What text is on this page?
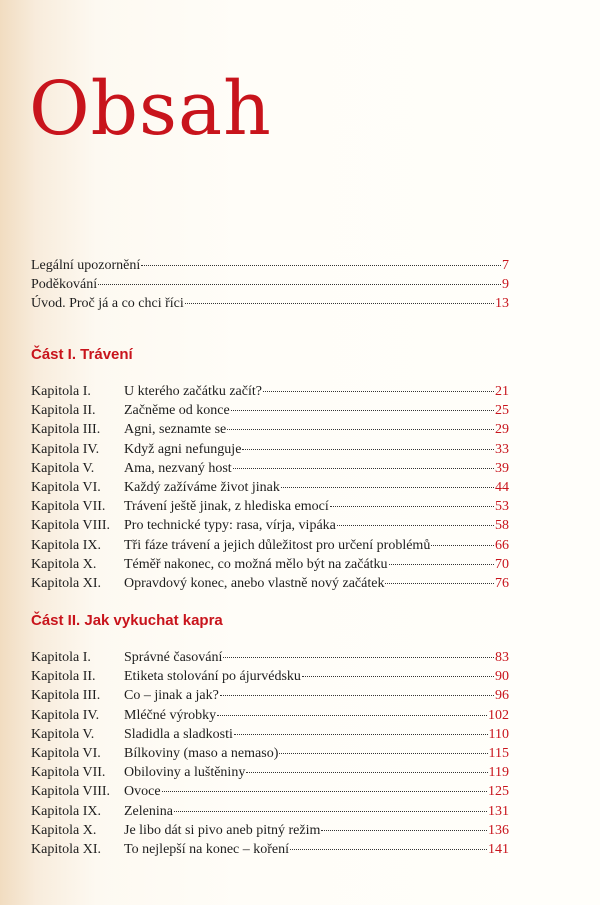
Obsah
Legální upozornění	7
Poděkování	9
Úvod. Proč já a co chci říci	13
Část I. Trávení
Kapitola I.	U kterého začátku začít?	21
Kapitola II.	Začněme od konce	25
Kapitola III.	Agni, seznamte se	29
Kapitola IV.	Když agni nefunguje	33
Kapitola V.	Ama, nezvaný host	39
Kapitola VI.	Každý zažíváme život jinak	44
Kapitola VII.	Trávení ještě jinak, z hlediska emocí	53
Kapitola VIII. Pro technické typy: rasa, vírja, vipáka	58
Kapitola IX.	Tři fáze trávení a jejich důležitost pro určení problémů	66
Kapitola X.	Téměř nakonec, co možná mělo být na začátku	70
Kapitola XI.	Opravdový konec, anebo vlastně nový začátek	76
Část II. Jak vykuchat kapra
Kapitola I.	Správné časování	83
Kapitola II.	Etiketa stolování po ájurvédsku	90
Kapitola III.	Co – jinak a jak?	96
Kapitola IV.	Mléčné výrobky	102
Kapitola V.	Sladidla a sladkosti	110
Kapitola VI.	Bílkoviny (maso a nemaso)	115
Kapitola VII.	Obiloviny a luštěniny	119
Kapitola VIII. Ovoce	125
Kapitola IX.	Zelenina	131
Kapitola X.	Je libo dát si pivo aneb pitný režim	136
Kapitola XI.	To nejlepší na konec – koření	141
